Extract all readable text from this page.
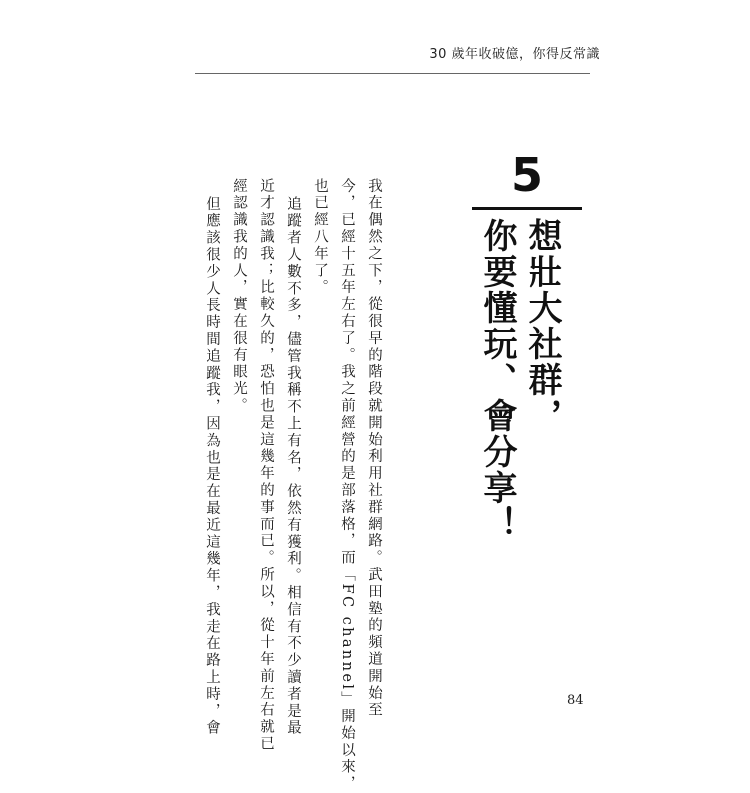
30 歲年收破億，你得反常識
5
想壯大社群，
你要懂玩、會分享！
我在偶然之下，從很早的階段就開始利用社群網路。武田塾的頻道開始至
今，已經十五年左右了。我之前經營的是部落格，而「FC channel」開始以來，
也已經八年了。
追蹤者人數不多，儘管我稱不上有名，依然有獲利。相信有不少讀者是最
近才認識我；比較久的，恐怕也是這幾年的事而已。所以，從十年前左右就已
經認識我的人，實在很有眼光。
但應該很少人長時間追蹤我，因為也是在最近這幾年，我走在路上時，會	84
